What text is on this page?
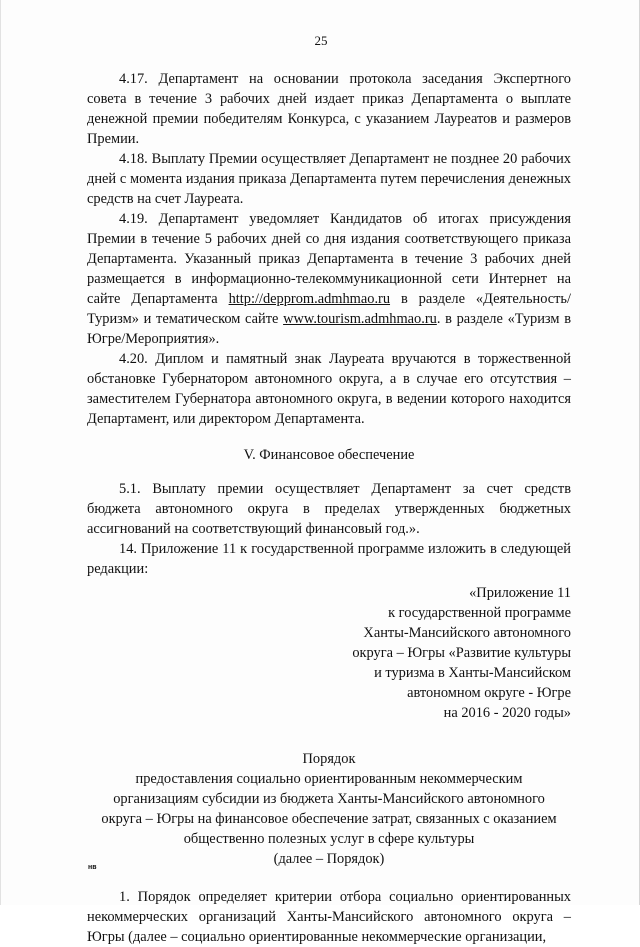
25

4.17. Департамент на основании протокола заседания Экспертного совета в течение 3 рабочих дней издает приказ Департамента о выплате денежной премии победителям Конкурса, с указанием Лауреатов и размеров Премии.

4.18. Выплату Премии осуществляет Департамент не позднее 20 рабочих дней с момента издания приказа Департамента путем перечисления денежных средств на счет Лауреата.

4.19. Департамент уведомляет Кандидатов об итогах присуждения Премии в течение 5 рабочих дней со дня издания соответствующего приказа Департамента. Указанный приказ Департамента в течение 3 рабочих дней размещается в информационно-телекоммуникационной сети Интернет на сайте Департамента http://depprom.admhmao.ru в разделе «Деятельность/Туризм» и тематическом сайте www.tourism.admhmao.ru. в разделе «Туризм в Югре/Мероприятия».

4.20. Диплом и памятный знак Лауреата вручаются в торжественной обстановке Губернатором автономного округа, а в случае его отсутствия – заместителем Губернатора автономного округа, в ведении которого находится Департамент, или директором Департамента.

V. Финансовое обеспечение

5.1. Выплату премии осуществляет Департамент за счет средств бюджета автономного округа в пределах утвержденных бюджетных ассигнований на соответствующий финансовый год.».

14. Приложение 11 к государственной программе изложить в следующей редакции:

«Приложение 11

к государственной программе

Ханты-Мансийского автономного

округа – Югры «Развитие культуры

и туризма в Ханты-Мансийском

автономном округе - Югре

на 2016 - 2020 годы»

Порядок

предоставления социально ориентированным некоммерческим

организациям субсидии из бюджета Ханты-Мансийского автономного

округа – Югры на финансовое обеспечение затрат, связанных с оказанием

общественно полезных услуг в сфере культуры

(далее – Порядок)

1. Порядок определяет критерии отбора социально ориентированных некоммерческих организаций Ханты-Мансийского автономного округа – Югры (далее – социально ориентированные некоммерческие организации,

нв
